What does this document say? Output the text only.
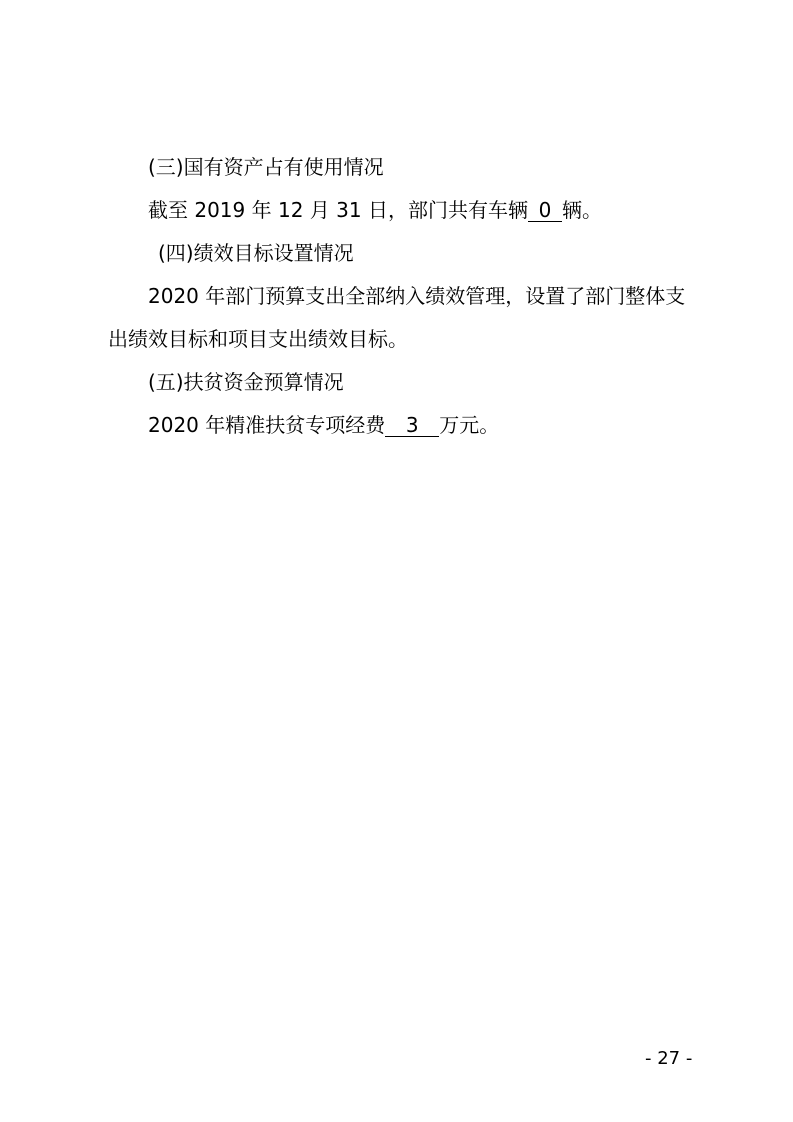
(三)国有资产占有使用情况
截至 2019 年 12 月 31 日，部门共有车辆 0 辆。
(四)绩效目标设置情况
2020 年部门预算支出全部纳入绩效管理，设置了部门整体支
出绩效目标和项目支出绩效目标。
(五)扶贫资金预算情况
2020 年精准扶贫专项经费 3 万元。
- 27 -
